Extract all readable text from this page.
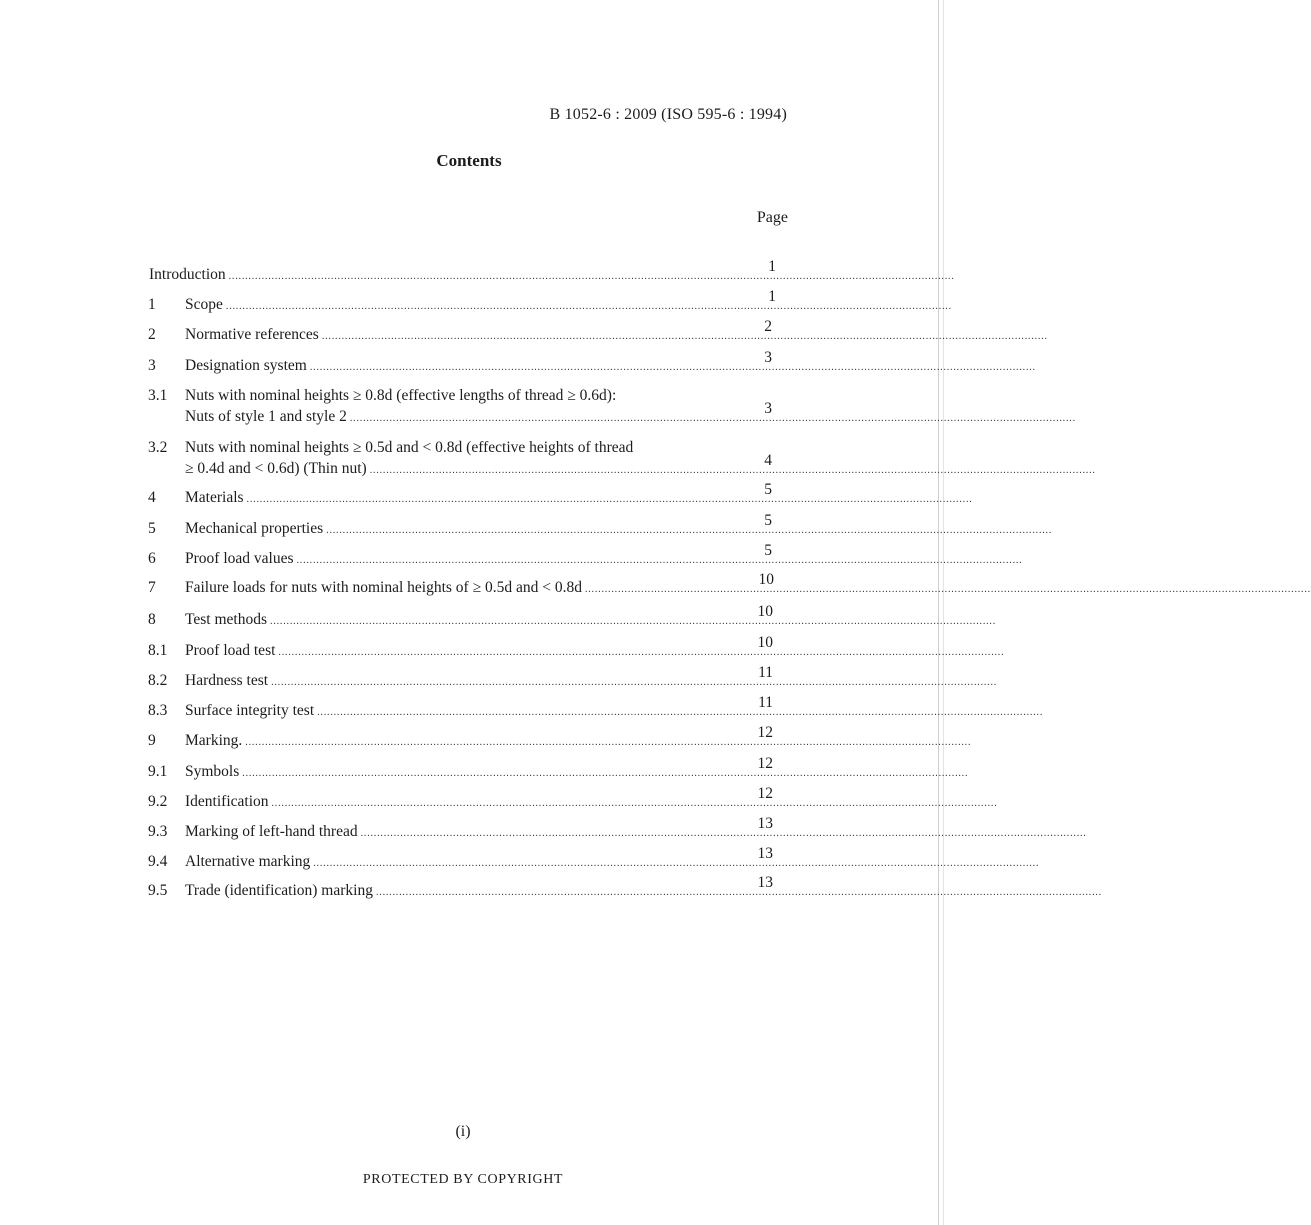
B 1052-6 : 2009 (ISO 595-6 : 1994)
Contents
Page
Introduction ............................................................................................................................................................................................................................
1
1 Scope ............................................................................................................................................................................................................................
1
2 Normative references ............................................................................................................................................................................................................................
2
3 Designation system ............................................................................................................................................................................................................................
3
3.1 Nuts with nominal heights ≥ 0.8d (effective lengths of thread ≥ 0.6d):
Nuts of style 1 and style 2 ............................................................................................................................................................................................................................
3
3.2 Nuts with nominal heights ≥ 0.5d and < 0.8d (effective heights of thread
≥ 0.4d and < 0.6d) (Thin nut) ............................................................................................................................................................................................................................
4
4 Materials ............................................................................................................................................................................................................................
5
5 Mechanical properties ............................................................................................................................................................................................................................
5
6 Proof load values ............................................................................................................................................................................................................................
5
7 Failure loads for nuts with nominal heights of ≥ 0.5d and < 0.8d ............................................................................................................................................................................................................................
10
8 Test methods ............................................................................................................................................................................................................................
10
8.1 Proof load test ............................................................................................................................................................................................................................
10
8.2 Hardness test ............................................................................................................................................................................................................................
11
8.3 Surface integrity test ............................................................................................................................................................................................................................
11
9 Marking. ............................................................................................................................................................................................................................
12
9.1 Symbols ............................................................................................................................................................................................................................
12
9.2 Identification ............................................................................................................................................................................................................................
12
9.3 Marking of left-hand thread ............................................................................................................................................................................................................................
13
9.4 Alternative marking ............................................................................................................................................................................................................................
13
9.5 Trade (identification) marking ............................................................................................................................................................................................................................
13
(i)
PROTECTED BY COPYRIGHT
